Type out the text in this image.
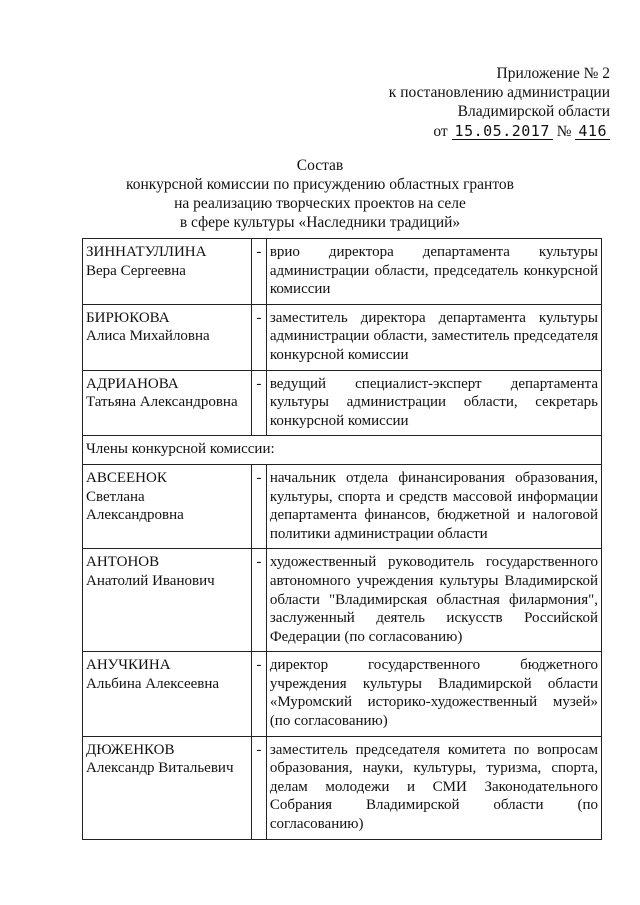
Приложение № 2
к постановлению администрации
Владимирской области
от 15.05.2017 № 416
Состав
конкурсной комиссии по присуждению областных грантов
на реализацию творческих проектов на селе
в сфере культуры «Наследники традиций»
ЗИННАТУЛЛИНА
Вера Сергеевна	-	врио директора департамента культуры администрации области, председатель конкурсной комиссии

БИРЮКОВА
Алиса Михайловна	-	заместитель директора департамента культуры администрации области, заместитель председателя конкурсной комиссии

АДРИАНОВА
Татьяна Александровна	-	ведущий специалист-эксперт департамента культуры администрации области, секретарь конкурсной комиссии
Члены конкурсной комиссии:		

АВСЕЕНОК
Светлана
Александровна	-	начальник отдела финансирования образования, культуры, спорта и средств массовой информации департамента финансов, бюджетной и налоговой политики администрации области

АНТОНОВ
Анатолий Иванович	-	художественный руководитель государственного автономного учреждения культуры Владимирской области "Владимирская областная филармония", заслуженный деятель искусств Российской Федерации (по согласованию)

АНУЧКИНА
Альбина Алексеевна	-	директор государственного бюджетного учреждения культуры Владимирской области «Муромский историко-художественный музей» (по согласованию)

ДЮЖЕНКОВ
Александр Витальевич	-	заместитель председателя комитета по вопросам образования, науки, культуры, туризма, спорта, делам молодежи и СМИ Законодательного Собрания Владимирской области (по согласованию)
